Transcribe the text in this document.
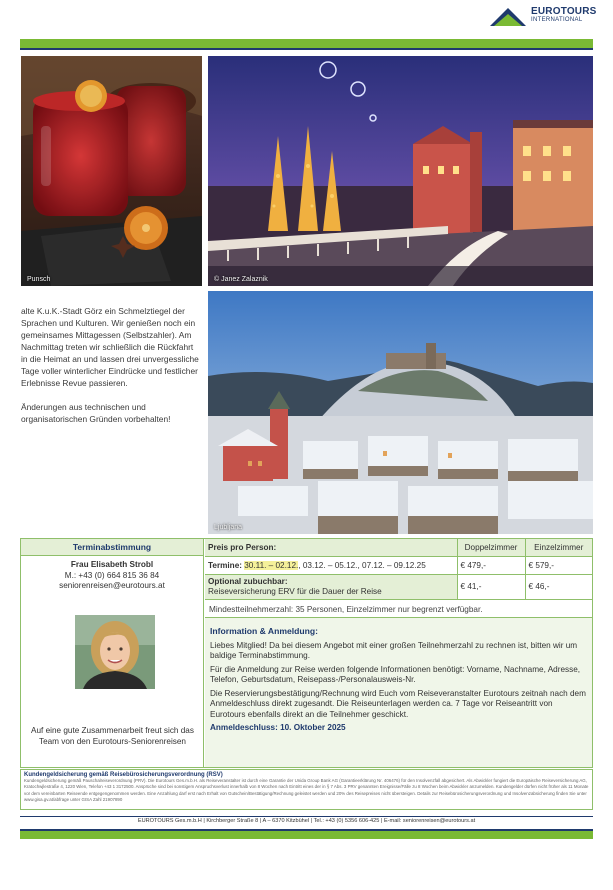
EUROTOURS
INTERNATIONAL
Punsch	© Janez Zalaznik

alte K.u.K.-Stadt Görz ein Schmelztiegel der Sprachen und Kulturen. Wir genießen noch ein gemeinsames Mittagessen (Selbstzahler). Am Nachmittag treten wir schließlich die Rückfahrt in die Heimat an und lassen drei unvergessliche Tage voller winterlicher Eindrücke und festlicher Erlebnisse Revue passieren.

Änderungen aus technischen und organisatorischen Gründen vorbehalten!

Ljubljana
Terminabstimmung
Frau Elisabeth Strobl
M.: +43 (0) 664 815 36 84
seniorenreisen@eurotours.at
Auf eine gute Zusammenarbeit freut sich das Team von den Eurotours-Seniorenreisen
Preis pro Person:	Doppelzimmer	Einzelzimmer
Termine: 30.11. – 02.12., 03.12. – 05.12., 07.12. – 09.12.25	€ 479,-	€ 579,-

Optional zubuchbar:
Reiseversicherung ERV für die Dauer der Reise	€ 41,-	€ 46,-
Mindestteilnehmerzahl: 35 Personen, Einzelzimmer nur begrenzt verfügbar.
Information & Anmeldung:

Liebes Mitglied! Da bei diesem Angebot mit einer großen Teilnehmerzahl zu rechnen ist, bitten wir um baldige Terminabstimmung.

Für die Anmeldung zur Reise werden folgende Informationen benötigt: Vorname, Nachname, Adresse, Telefon, Geburtsdatum, Reisepass-/Personalausweis-Nr.

Die Reservierungsbestätigung/Rechnung wird Euch vom Reiseveranstalter Eurotours zeitnah nach dem Anmeldeschluss direkt zugesandt. Die Reiseunterlagen werden ca. 7 Tage vor Reiseantritt von Eurotours ebenfalls direkt an die Teilnehmer geschickt.

Anmeldeschluss: 10. Oktober 2025

Kundengeldsicherung gemäß Reisebürosicherungsverordnung (RSV)
Kundengeldsicherung gemäß Pauschalreiseverordnung (PRV). Die Eurotours Ges.m.b.H. als Reiseveranstalter ist durch eine Garantie der Unida Group Bank AG (Garantieerklärung Nr. 406476) für den Insolvenzfall abgesichert. Als Abwickler fungiert die Europäische Reiseversicherung AG, Kratochwjlestraße 4, 1220 Wien, Telefon +43 1 3172500. Ansprüche sind bei sonstigem Anspruchsverlust innerhalb von 8 Wochen nach Eintritt eines der in § 7 Abs. 3 PRV genannten Ereignisse/Fälle zu 8 Wochen beim Abwickler anzumelden. Kundengelder dürfen nicht früher als 11 Monate vor dem vereinbarten Reiseende entgegengenommen werden. Eine Anzahlung darf erst nach Erhalt von Gutschein/Bestätigung/Rechnung geleistet werden und 20% des Reisepreises nicht übersteigen. Details zur Reisebürosicherungsverordnung und Insolvenzabsicherung finden Sie unter www.gisa.gv.at/abfrage unter GISA Zahl 21907890
EUROTOURS Ges.m.b.H | Kirchberger Straße 8 | A – 6370 Kitzbühel | Tel.: +43 (0) 5356 606-425 | E-mail: seniorenreisen@eurotours.at
